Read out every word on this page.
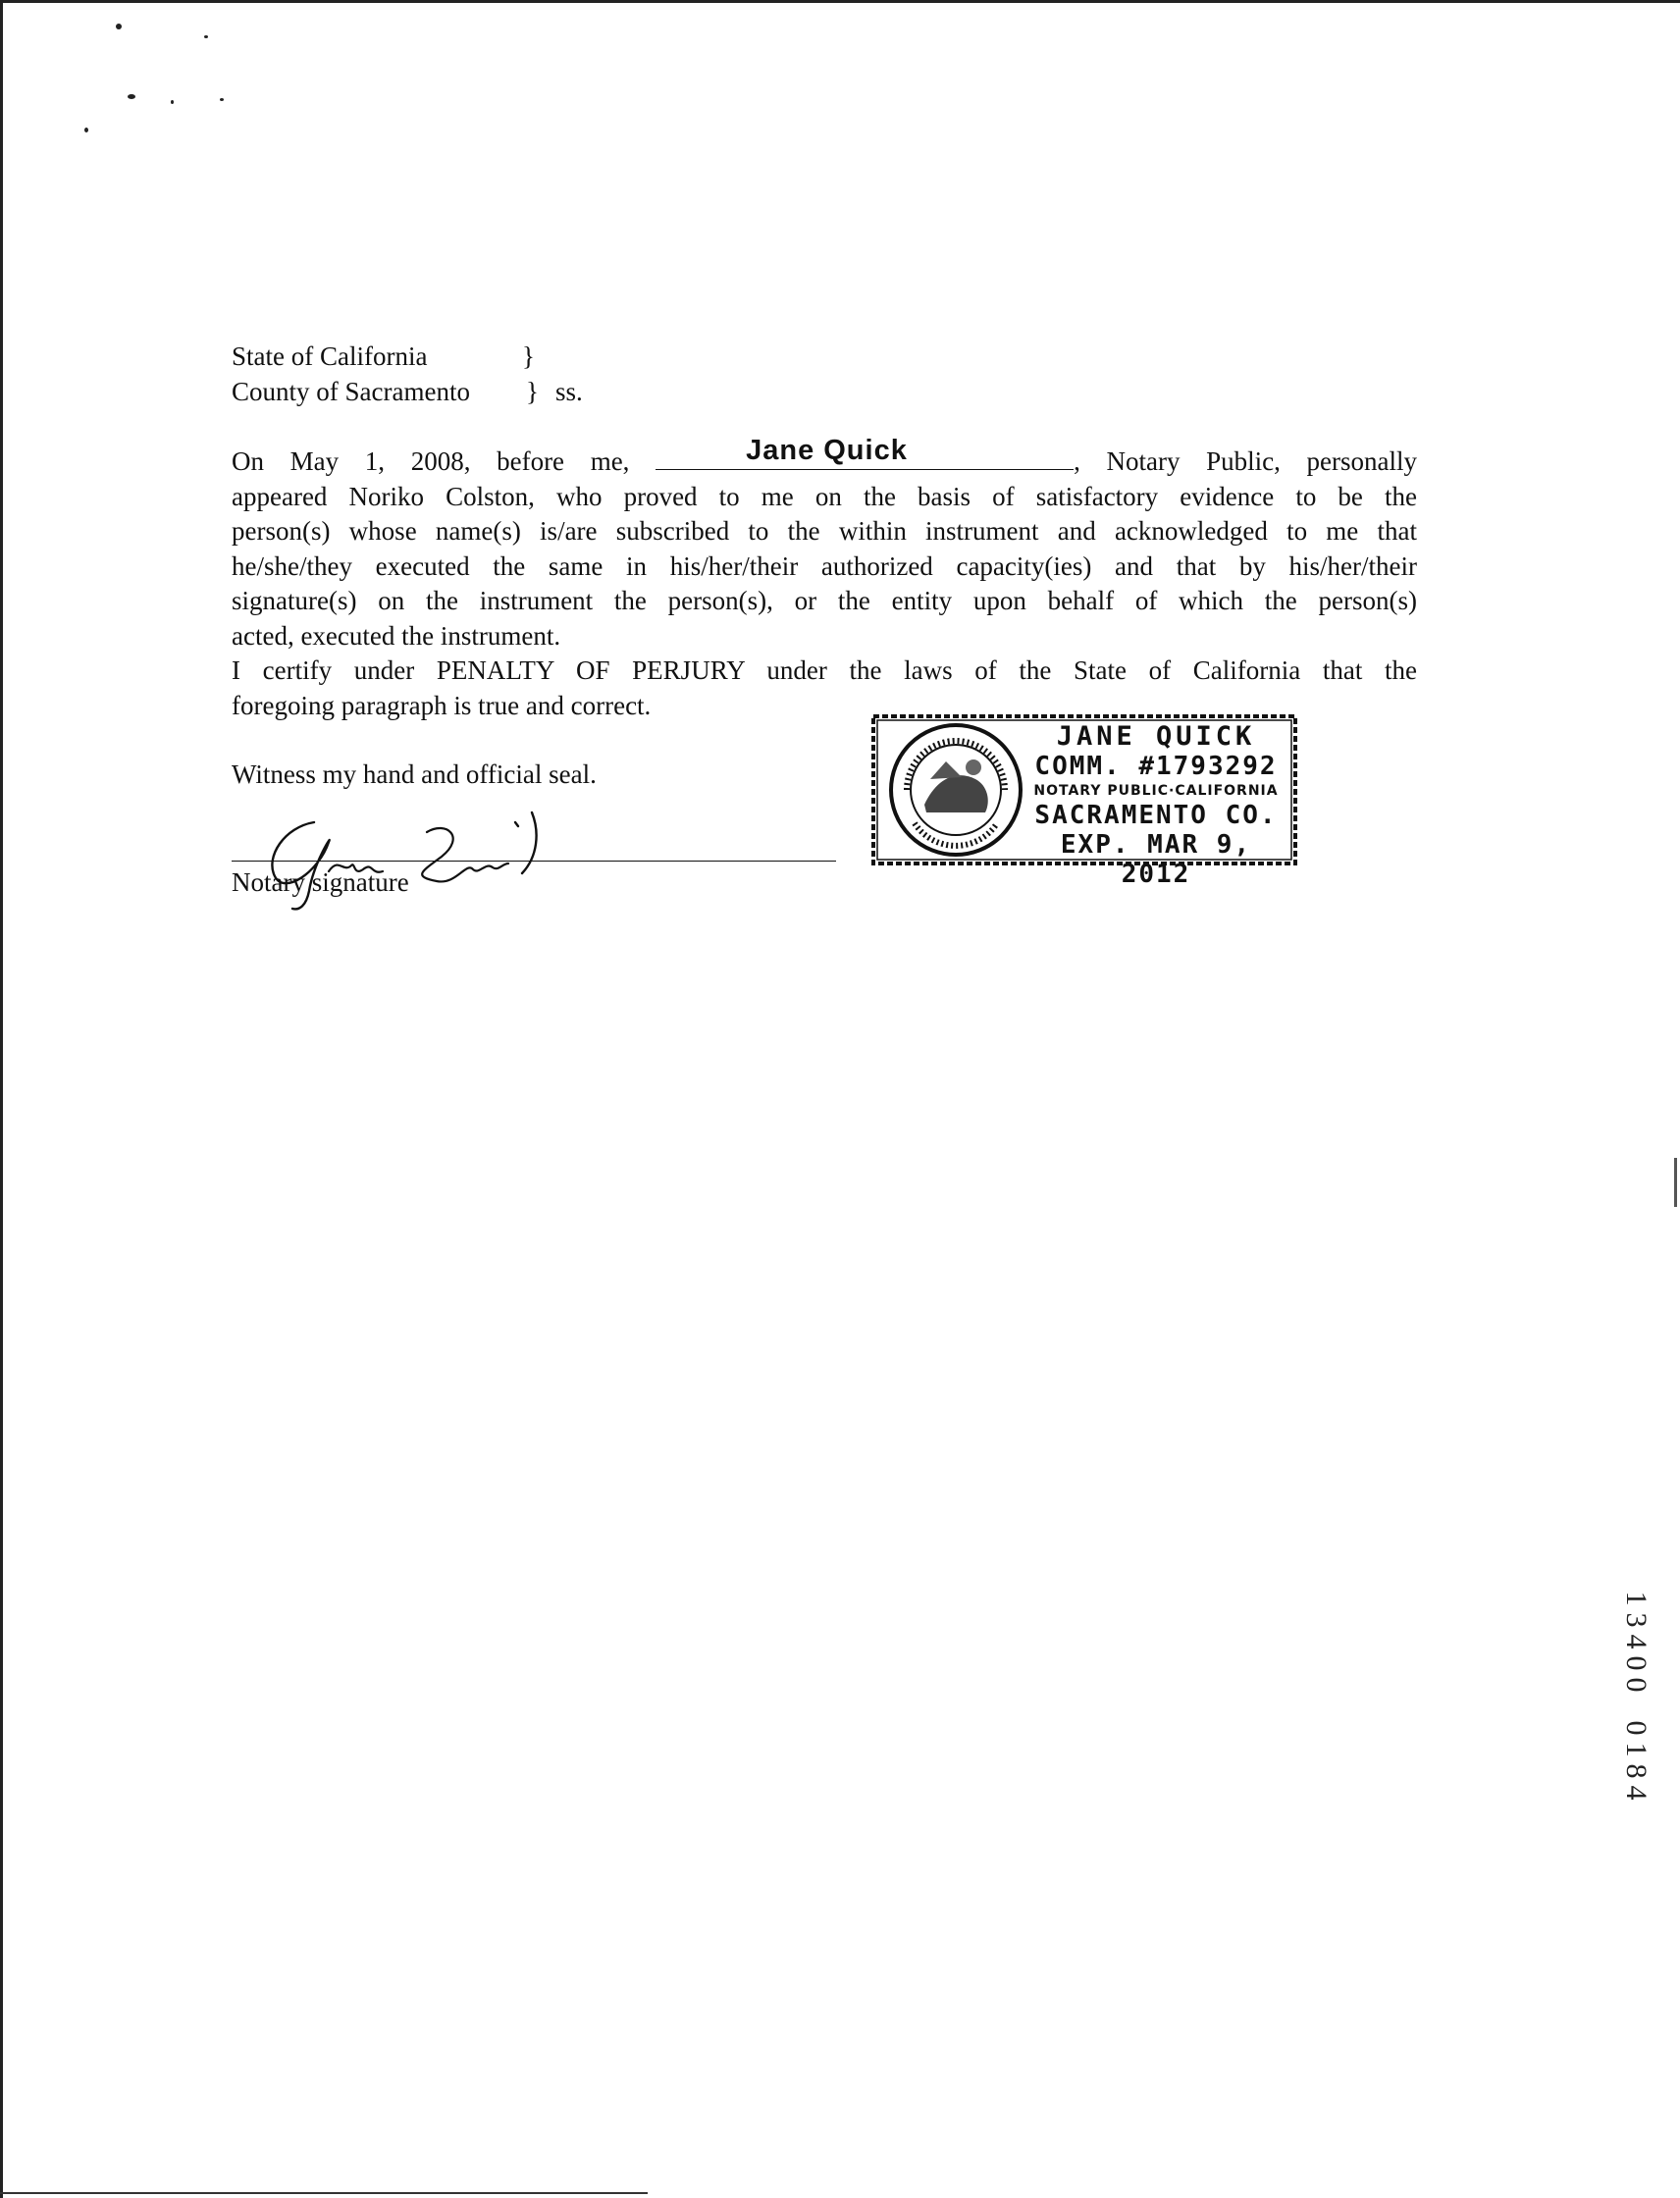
State of California	}
County of Sacramento } ss.
On May 1, 2008, before me,	Jane Quick	, Notary Public, personally
appeared Noriko Colston, who proved to me on the basis of satisfactory evidence to be the
person(s) whose name(s) is/are subscribed to the within instrument and acknowledged to me that
he/she/they executed the same in his/her/their authorized capacity(ies) and that by his/her/their
signature(s) on the instrument the person(s), or the entity upon behalf of which the person(s)
acted, executed the instrument.
I certify under PENALTY OF PERJURY under the laws of the State of California that the
foregoing paragraph is true and correct.
Witness my hand and official seal.
Notary signature
JANE QUICK
COMM. #1793292
NOTARY PUBLIC·CALIFORNIA
SACRAMENTO CO.
EXP. MAR 9, 2012
1
3
4
0
0
0
1
8
4
